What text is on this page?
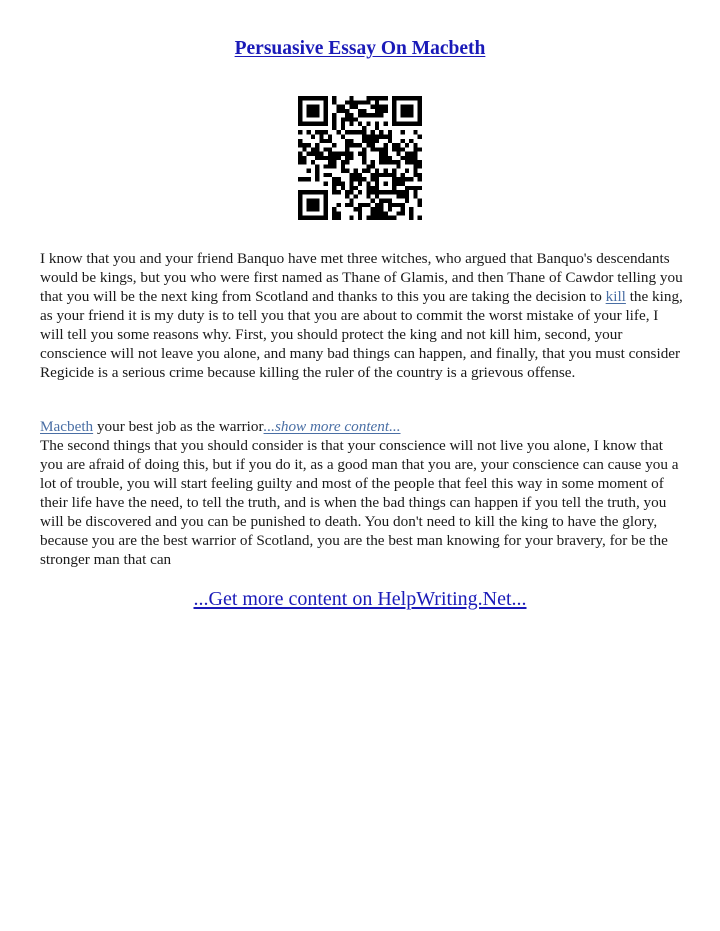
Persuasive Essay On Macbeth
I know that you and your friend Banquo have met three witches, who argued that Banquo's descendants would be kings, but you who were first named as Thane of Glamis, and then Thane of Cawdor telling you that you will be the next king from Scotland and thanks to this you are taking the decision to kill the king, as your friend it is my duty is to tell you that you are about to commit the worst mistake of your life, I will tell you some reasons why. First, you should protect the king and not kill him, second, your conscience will not leave you alone, and many bad things can happen, and finally, that you must consider Regicide is a serious crime because killing the ruler of the country is a grievous offense.
Macbeth your best job as the warrior...show more content...
The second things that you should consider is that your conscience will not live you alone, I know that you are afraid of doing this, but if you do it, as a good man that you are, your conscience can cause you a lot of trouble, you will start feeling guilty and most of the people that feel this way in some moment of their life have the need, to tell the truth, and is when the bad things can happen if you tell the truth, you will be discovered and you can be punished to death. You don't need to kill the king to have the glory, because you are the best warrior of Scotland, you are the best man knowing for your bravery, for be the stronger man that can
...Get more content on HelpWriting.Net...
